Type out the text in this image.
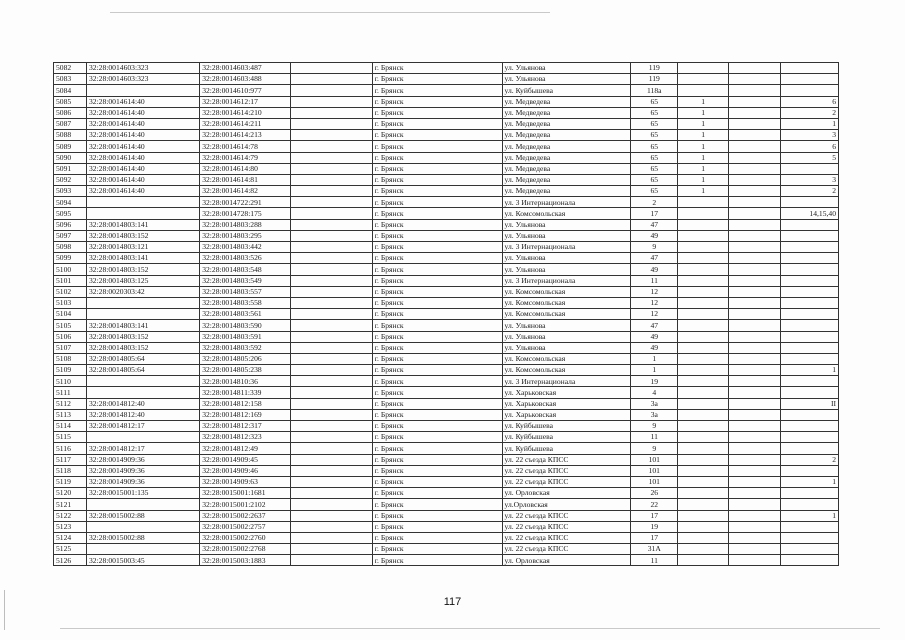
5082	32:28:0014603:323	32:28:0014603:487		г. Брянск	ул. Ульянова	119			
5083	32:28:0014603:323	32:28:0014603:488		г. Брянск	ул. Ульянова	119			
5084		32:28:0014610:977		г. Брянск	ул. Куйбышева	118а			
5085	32:28:0014614:40	32:28:0014612:17		г. Брянск	ул. Медведева	65	1		6
5086	32:28:0014614:40	32:28:0014614:210		г. Брянск	ул. Медведева	65	1		2
5087	32:28:0014614:40	32:28:0014614:211		г. Брянск	ул. Медведева	65	1		1
5088	32:28:0014614:40	32:28:0014614:213		г. Брянск	ул. Медведева	65	1		3
5089	32:28:0014614:40	32:28:0014614:78		г. Брянск	ул. Медведева	65	1		6
5090	32:28:0014614:40	32:28:0014614:79		г. Брянск	ул. Медведева	65	1		5
5091	32:28:0014614:40	32:28:0014614:80		г. Брянск	ул. Медведева	65	1		
5092	32:28:0014614:40	32:28:0014614:81		г. Брянск	ул. Медведева	65	1		3
5093	32:28:0014614:40	32:28:0014614:82		г. Брянск	ул. Медведева	65	1		2
5094		32:28:0014722:291		г. Брянск	ул. 3 Интернационала	2			
5095		32:28:0014728:175		г. Брянск	ул. Комсомольская	17			14,15,40
5096	32:28:0014803:141	32:28:0014803:288		г. Брянск	ул. Ульянова	47			
5097	32:28:0014803:152	32:28:0014803:295		г. Брянск	ул. Ульянова	49			
5098	32:28:0014803:121	32:28:0014803:442		г. Брянск	ул. 3 Интернационала	9			
5099	32:28:0014803:141	32:28:0014803:526		г. Брянск	ул. Ульянова	47			
5100	32:28:0014803:152	32:28:0014803:548		г. Брянск	ул. Ульянова	49			
5101	32:28:0014803:125	32:28:0014803:549		г. Брянск	ул. 3 Интернационала	11			
5102	32:28:0020303:42	32:28:0014803:557		г. Брянск	ул. Комсомольская	12			
5103		32:28:0014803:558		г. Брянск	ул. Комсомольская	12			
5104		32:28:0014803:561		г. Брянск	ул. Комсомольская	12			
5105	32:28:0014803:141	32:28:0014803:590		г. Брянск	ул. Ульянова	47			
5106	32:28:0014803:152	32:28:0014803:591		г. Брянск	ул. Ульянова	49			
5107	32:28:0014803:152	32:28:0014803:592		г. Брянск	ул. Ульянова	49			
5108	32:28:0014805:64	32:28:0014805:206		г. Брянск	ул. Комсомольская	1			
5109	32:28:0014805:64	32:28:0014805:238		г. Брянск	ул. Комсомольская	1			1
5110		32:28:0014810:36		г. Брянск	ул. 3 Интернационала	19			
5111		32:28:0014811:339		г. Брянск	ул. Харьковская	4			
5112	32:28:0014812:40	32:28:0014812:158		г. Брянск	ул. Харьковская	3а			II
5113	32:28:0014812:40	32:28:0014812:169		г. Брянск	ул. Харьковская	3а			
5114	32:28:0014812:17	32:28:0014812:317		г. Брянск	ул. Куйбышева	9			
5115		32:28:0014812:323		г. Брянск	ул. Куйбышева	11			
5116	32:28:0014812:17	32:28:0014812:49		г. Брянск	ул. Куйбышева	9			
5117	32:28:0014909:36	32:28:0014909:45		г. Брянск	ул. 22 съезда КПСС	101			2
5118	32:28:0014909:36	32:28:0014909:46		г. Брянск	ул. 22 съезда КПСС	101			
5119	32:28:0014909:36	32:28:0014909:63		г. Брянск	ул. 22 съезда КПСС	101			1
5120	32:28:0015001:135	32:28:0015001:1681		г. Брянск	ул. Орловская	26			
5121		32:28:0015001:2102		г. Брянск	ул.Орловская	22			
5122	32:28:0015002:88	32:28:0015002:2637		г. Брянск	ул. 22 съезда КПСС	17			1
5123		32:28:0015002:2757		г. Брянск	ул. 22 съезда КПСС	19			
5124	32:28:0015002:88	32:28:0015002:2760		г. Брянск	ул. 22 съезда КПСС	17			
5125		32:28:0015002:2768		г. Брянск	ул. 22 съезда КПСС	31А			
5126	32:28:0015003:45	32:28:0015003:1883		г. Брянск	ул. Орловская	11			
117
